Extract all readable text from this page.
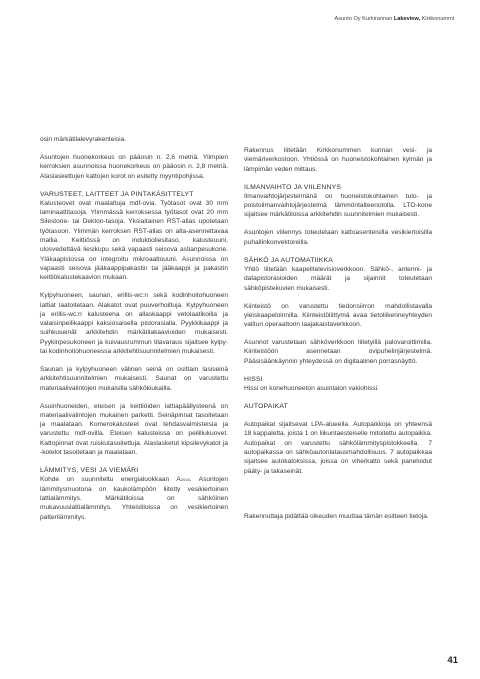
Asunto Oy Kurkirannan Lakeview, Kirkkonummi

osin märkätilalevyrakenteisia.

Asuntojen huonekorkeus on pääosin n. 2,6 metriä. Ylimpien kerroksien asunnoissa huonekorkeus on pääosin n. 2,8 metriä. Alaslaskettujen kattojen korot on esitetty myyntipohjissa.

VARUSTEET, LAITTEET JA PINTAKÄSITTELYT

Kalusteovet ovat maalattuja mdf-ovia. Työtasot ovat 30 mm laminaattitasoja. Ylimmässä kerroksessa työtasot ovat 20 mm Silestone- tai Dekton-tasoja. Yksiaitainen RST-allas upotetaan työtasoon. Ylimmän kerroksen RST-allas on alta-asennettavaa mallia. Keittiössä on induktioliesitaso, kalusteuuni, ulosvedettävä liesikupu sekä vapaasti seisova astianpesukone. Yläkaapistossa on integroitu mikroaaltouuni. Asunnoissa on vapaasti seisova jääkaappipakastin tai jääkaappi ja pakastin keittiökalustekaavion mukaan.

Kylpyhuoneen, saunan, erillis-wc:n sekä kodinhoitohuoneen lattiat laatoitetaan. Alakatot ovat puuverhoiltuja. Kylpyhuoneen ja erillis-wc:n kalusteena on allaskaappi vetolaatikoilla ja valaisinpeilikaappi kaksiosaisella pistorasialla. Pyykkikaappi ja suihkuseinät arkkitehdin märkätilakaavioiden mukaisesti. Pyykinpesukoneen ja kuivausrummun tilavaraus sijaitsee kylpy- tai kodinhoitohuoneessa arkkitehtisuunnitelmien mukaisesti.

Saunan ja kylpyhuoneen välinen seinä on osittain lasiseinä arkkitehtisuunnitelmien mukaisesti. Saunat on varustettu materiaalivalintojen mukaisilla sähkökiukailla.

Asuinhuoneiden, eteisen ja keittiöiden lattiapäällysteenä on materiaalivalintojen mukainen parketti. Seinäpinnat tasoitetaan ja maalataan. Komerokalusteet ovat tehdasvalmisteisia ja varustettu mdf-ovilla. Eteisen kalusteissa on peililiukuovet. Kattopinnat ovat ruiskutasoitettuja. Alaslasketut kipsilevykatot ja -kotelot tasoitetaan ja maalataan.

LÄMMITYS, VESI JA VIEMÄRI

Kohde on suunniteltu energialuokkaan A2018. Asuntojen lämmitysmuotona on kaukolämpöön liitetty vesikiertoinen lattialämmitys. Märkätiloissa on sähköinen mukavuuslattialämmitys. Yhteistiloissa on vesikiertoinen patterilämmitys.

Rakennus liitetään Kirkkonummen kunnan vesi- ja viemäriverkostoon. Yhtiössä on huoneistokohtainen kylmän ja lämpimän veden mittaus.

ILMANVAIHTO JA VIILENNYS

Ilmanvaihtojärjestelmänä on huoneistokohtainen tulo- ja poistoilmanvaihtojärjestelmä lämmöntalteenotolla. LTO-kone sijaitsee märkätiloissa arkkitehdin suunnitelmien mukaisesti.

Asuntojen viilennys toteutetaan kattoasenteisilla vesikiertoisilla puhallinkonvektoreilla.

SÄHKÖ JA AUTOMATIIKKA

Yhtiö liitetään kaapelitelevisioverkkoon. Sähkö-, antenni- ja datapistorasioiden määrät ja sijainnit toteutetaan sähköpistekuvien mukaisesti.

Kiinteistö on varustettu tiedonsiirron mahdollistavalla yleiskaapeloinnilla. Kiinteistöliittymä avaa tietoliikenneyhteyden valitun operaattorin laajakaistaverkkoon.

Asunnot varustetaan sähköverkkoon liitetyillä palovaroittimilla. Kiinteistöön asennetaan ovipuhelinjärjestelmä. Pääsisäänkäynnin yhteydessä on digitaalinen porrasnäyttö.

HISSI

Hissi on konehuoneeton asuintalon vakiohissi.

AUTOPAIKAT

Autopaikat sijaitsevat LPA-alueella. Autopaikkoja on yhteensä 18 kappaletta, joista 1 on liikuntaesteiselle mitoitettu autopaikka. Autopaikat on varustettu sähkölämmityspistokkeella. 7 autopaikassa on sähköautonlatausmahdollisuus. 7 autopaikkaa sijaitsee autokatoksissa, joissa on viherkatto sekä paneloidut pääty- ja takaseinät.

Rakennuttaja pidättää oikeuden muuttaa tämän esitteen tietoja.

41
